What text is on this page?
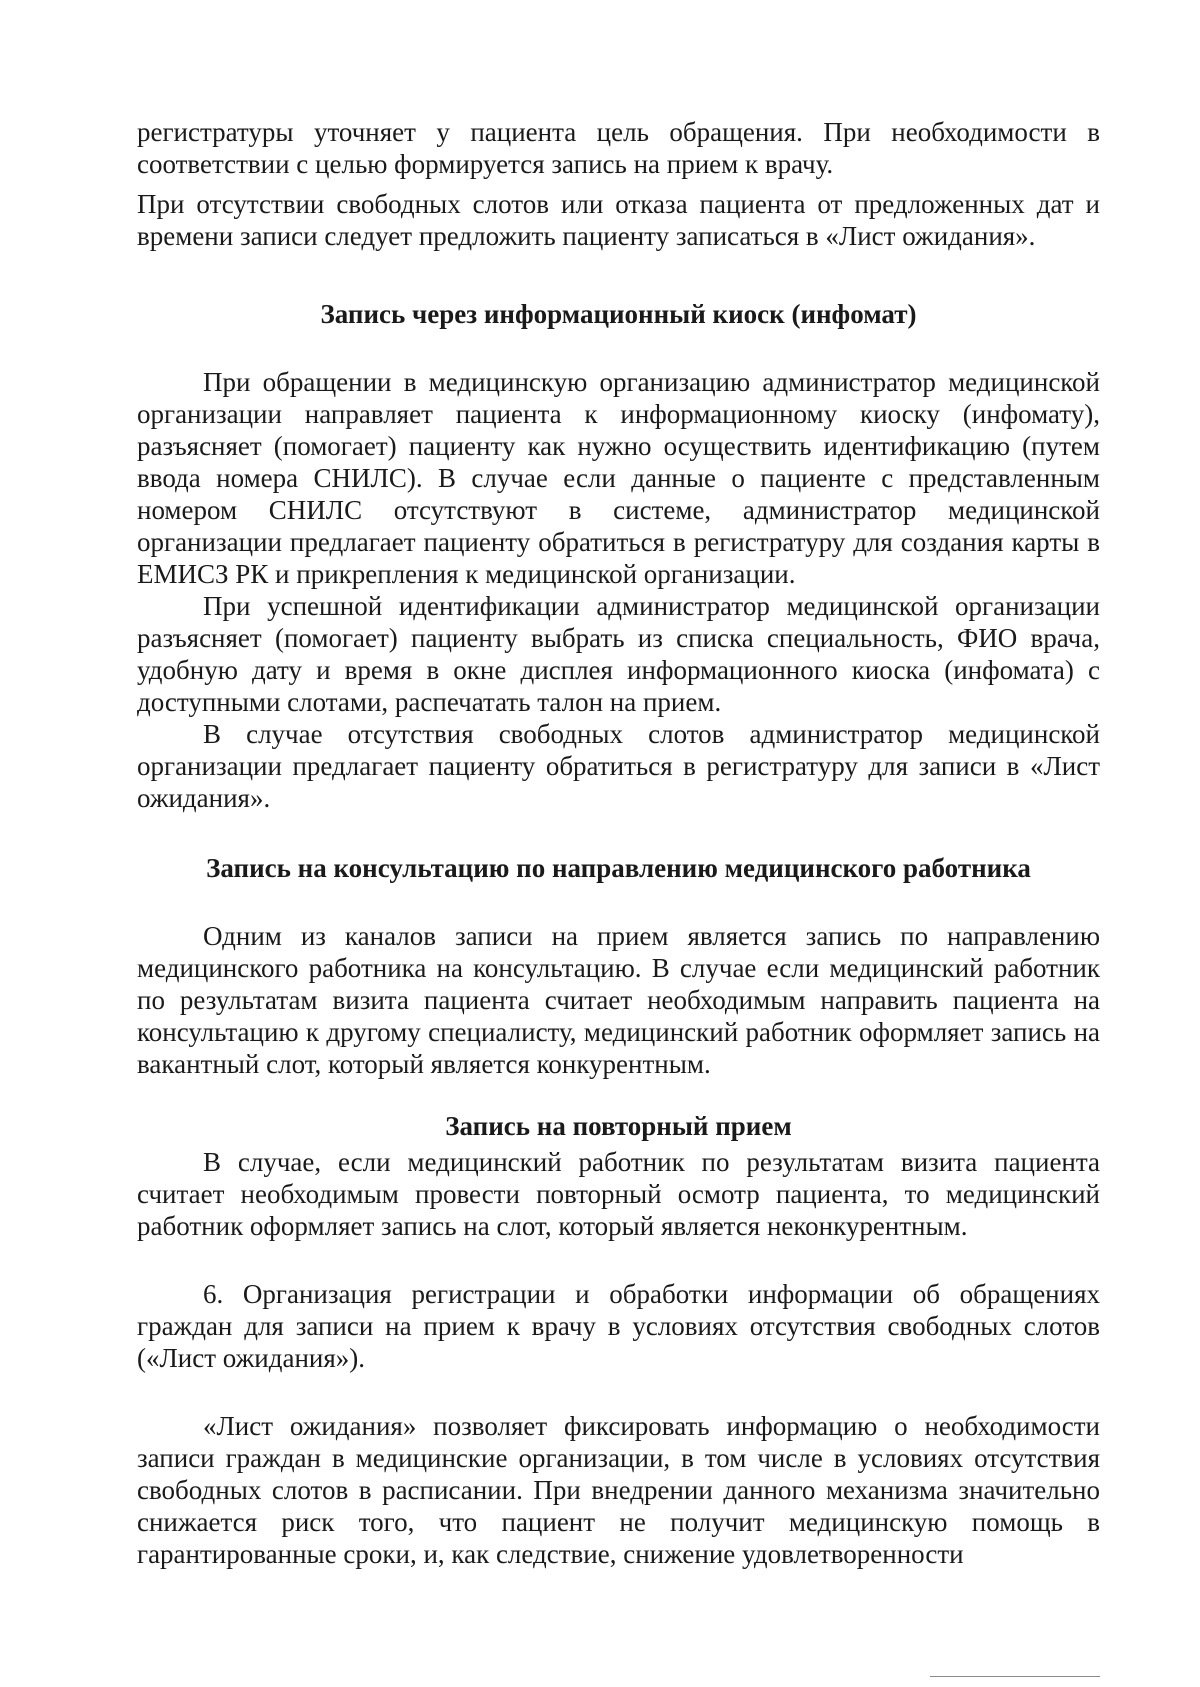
регистратуры уточняет у пациента цель обращения. При необходимости в соответствии с целью формируется запись на прием к врачу.

При отсутствии свободных слотов или отказа пациента от предложенных дат и времени записи следует предложить пациенту записаться в «Лист ожидания».

Запись через информационный киоск (инфомат)

При обращении в медицинскую организацию администратор медицинской организации направляет пациента к информационному киоску (инфомату), разъясняет (помогает) пациенту как нужно осуществить идентификацию (путем ввода номера СНИЛС). В случае если данные о пациенте с представленным номером СНИЛС отсутствуют в системе, администратор медицинской организации предлагает пациенту обратиться в регистратуру для создания карты в ЕМИСЗ РК и прикрепления к медицинской организации.

При успешной идентификации администратор медицинской организации разъясняет (помогает) пациенту выбрать из списка специальность, ФИО врача, удобную дату и время в окне дисплея информационного киоска (инфомата) с доступными слотами, распечатать талон на прием.

В случае отсутствия свободных слотов администратор медицинской организации предлагает пациенту обратиться в регистратуру для записи в «Лист ожидания».

Запись на консультацию по направлению медицинского работника

Одним из каналов записи на прием является запись по направлению медицинского работника на консультацию. В случае если медицинский работник по результатам визита пациента считает необходимым направить пациента на консультацию к другому специалисту, медицинский работник оформляет запись на вакантный слот, который является конкурентным.

Запись на повторный прием

В случае, если медицинский работник по результатам визита пациента считает необходимым провести повторный осмотр пациента, то медицинский работник оформляет запись на слот, который является неконкурентным.

6. Организация регистрации и обработки информации об обращениях граждан для записи на прием к врачу в условиях отсутствия свободных слотов («Лист ожидания»).

«Лист ожидания» позволяет фиксировать информацию о необходимости записи граждан в медицинские организации, в том числе в условиях отсутствия свободных слотов в расписании. При внедрении данного механизма значительно снижается риск того, что пациент не получит медицинскую помощь в гарантированные сроки, и, как следствие, снижение удовлетворенности
